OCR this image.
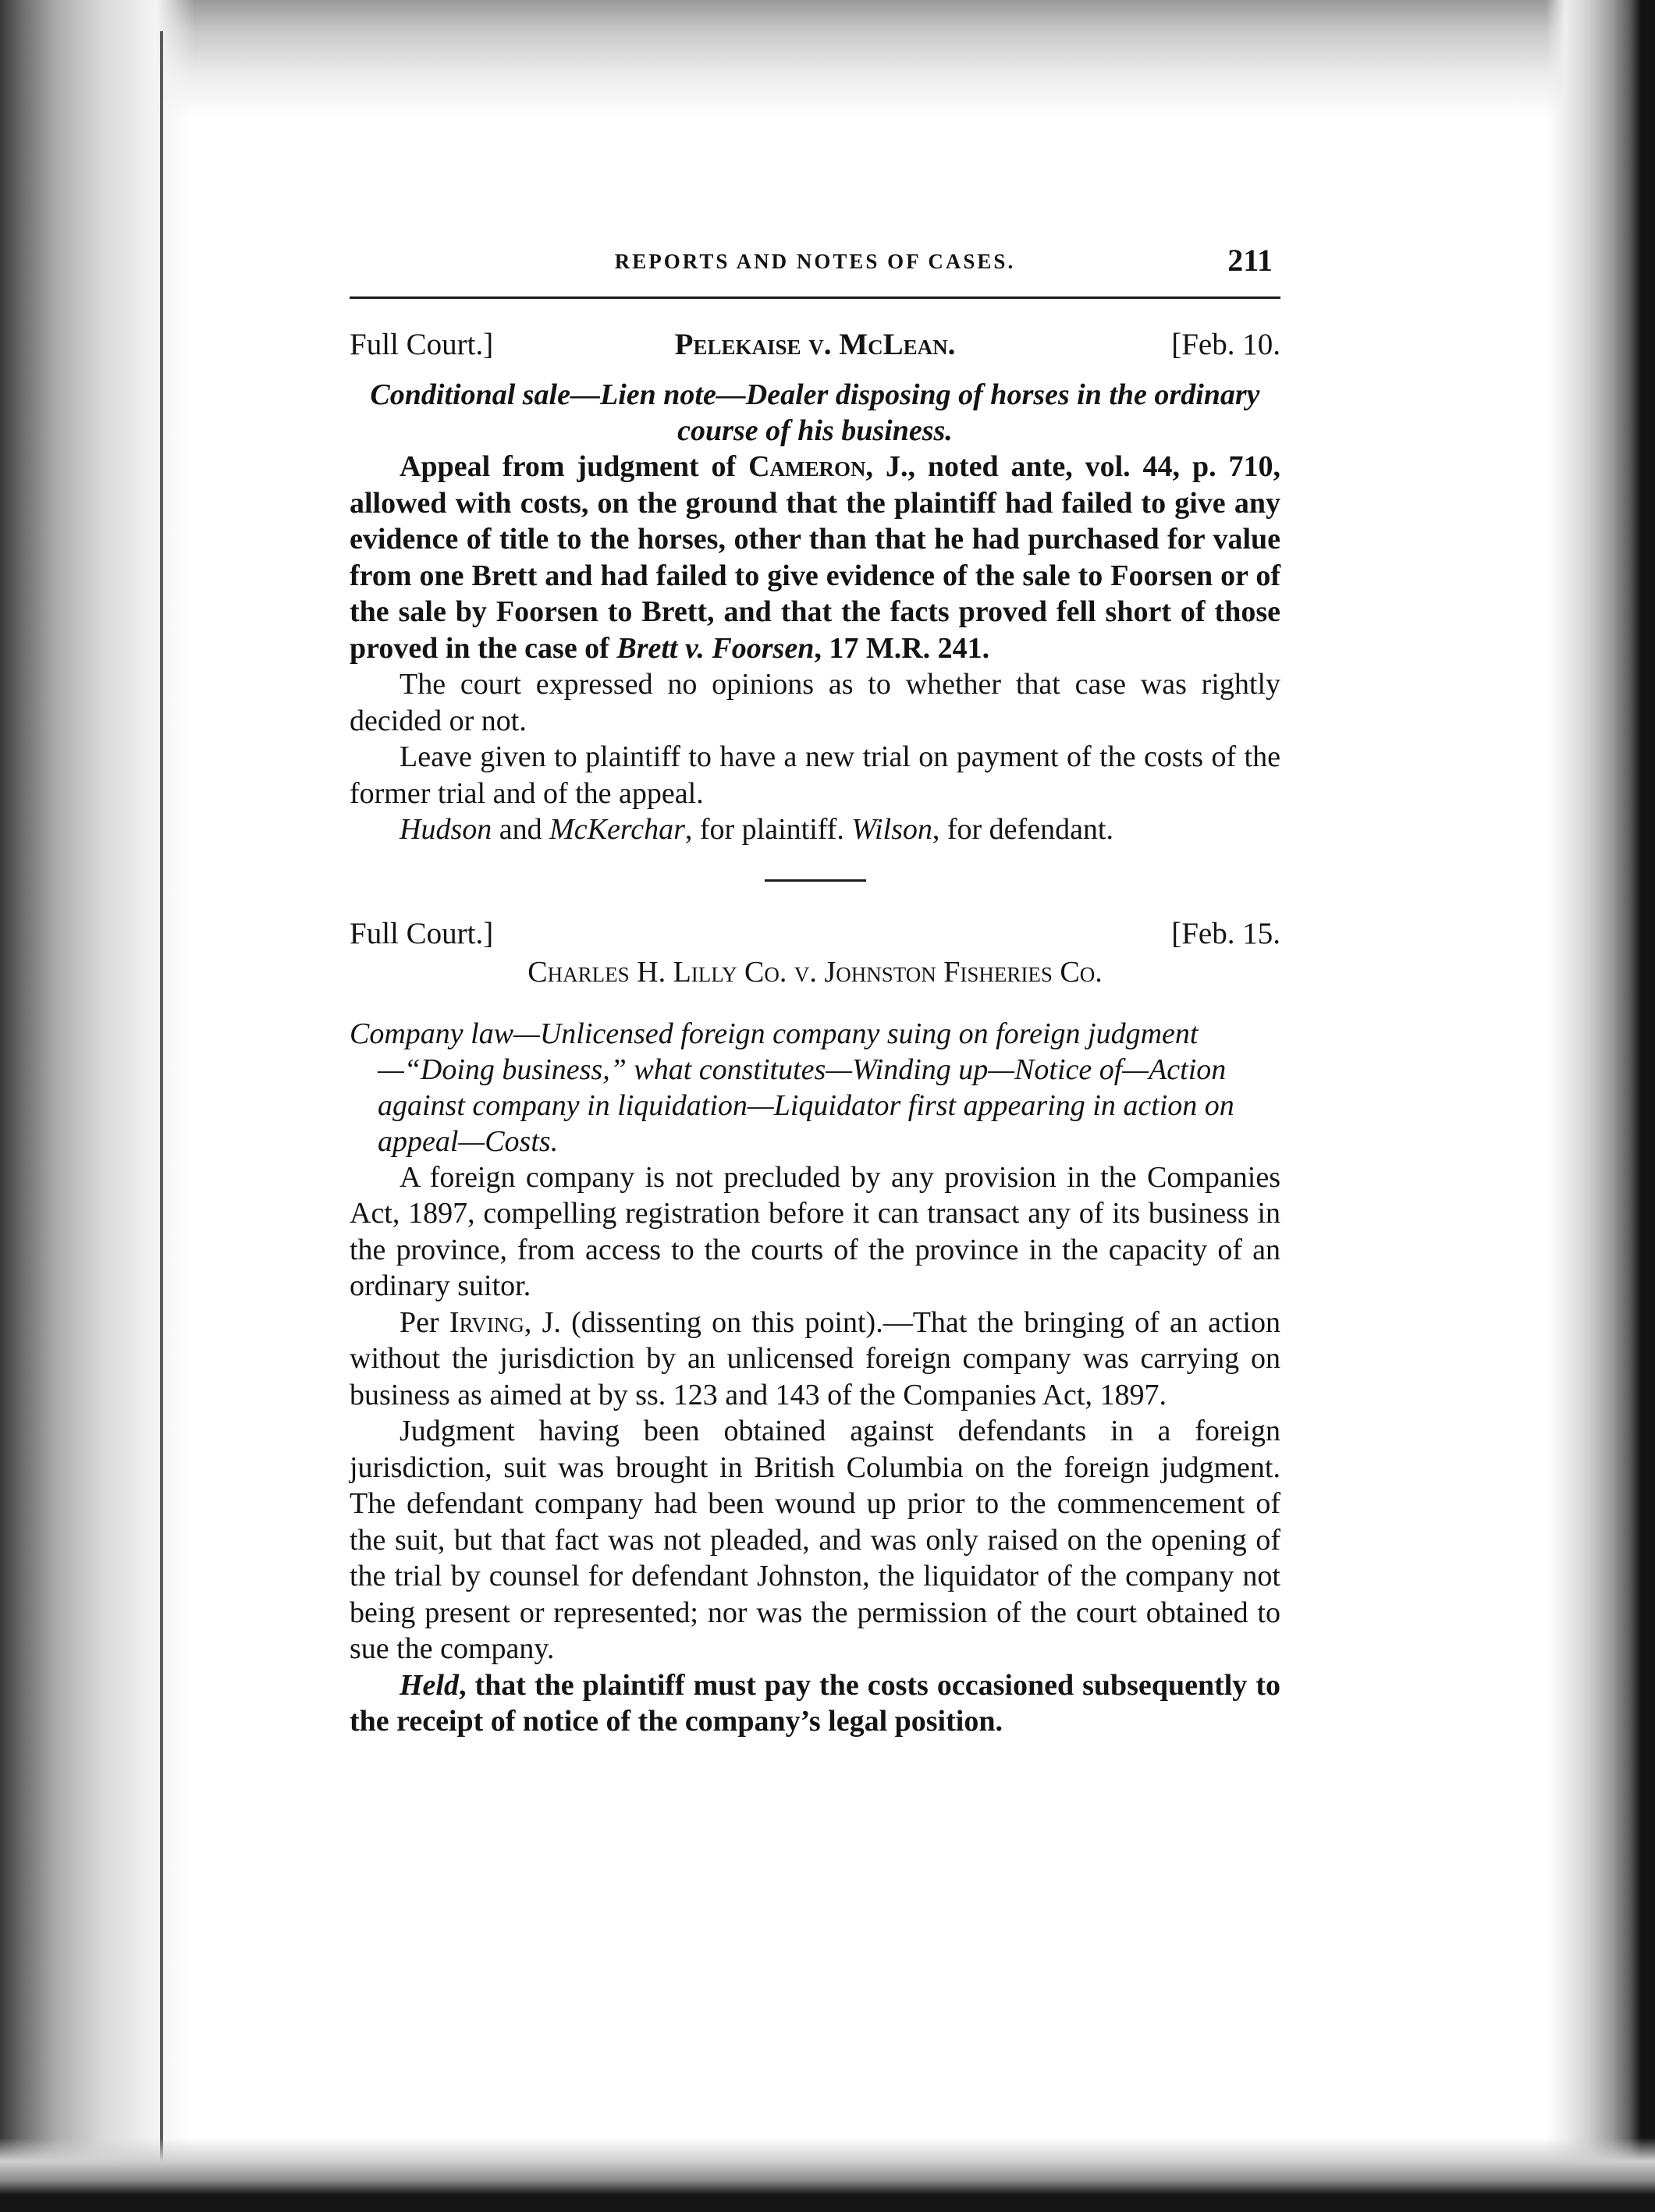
REPORTS AND NOTES OF CASES.	211
Full Court.]	Pelekaise v. McLean.	[Feb. 10.
Conditional sale—Lien note—Dealer disposing of horses in the ordinary course of his business.

Appeal from judgment of Cameron, J., noted ante, vol. 44, p. 710, allowed with costs, on the ground that the plaintiff had failed to give any evidence of title to the horses, other than that he had purchased for value from one Brett and had failed to give evidence of the sale to Foorsen or of the sale by Foorsen to Brett, and that the facts proved fell short of those proved in the case of Brett v. Foorsen, 17 M.R. 241.

The court expressed no opinions as to whether that case was rightly decided or not.

Leave given to plaintiff to have a new trial on payment of the costs of the former trial and of the appeal.

Hudson and McKerchar, for plaintiff. Wilson, for defendant.

Full Court.]	[Feb. 15.
Charles H. Lilly Co. v. Johnston Fisheries Co.
Company law—Unlicensed foreign company suing on foreign judgment—“Doing business,” what constitutes—Winding up—Notice of—Action against company in liquidation—Liquidator first appearing in action on appeal—Costs.

A foreign company is not precluded by any provision in the Companies Act, 1897, compelling registration before it can transact any of its business in the province, from access to the courts of the province in the capacity of an ordinary suitor.

Per Irving, J. (dissenting on this point).—That the bringing of an action without the jurisdiction by an unlicensed foreign company was carrying on business as aimed at by ss. 123 and 143 of the Companies Act, 1897.

Judgment having been obtained against defendants in a foreign jurisdiction, suit was brought in British Columbia on the foreign judgment. The defendant company had been wound up prior to the commencement of the suit, but that fact was not pleaded, and was only raised on the opening of the trial by counsel for defendant Johnston, the liquidator of the company not being present or represented; nor was the permission of the court obtained to sue the company.

Held, that the plaintiff must pay the costs occasioned subsequently to the receipt of notice of the company’s legal position.
